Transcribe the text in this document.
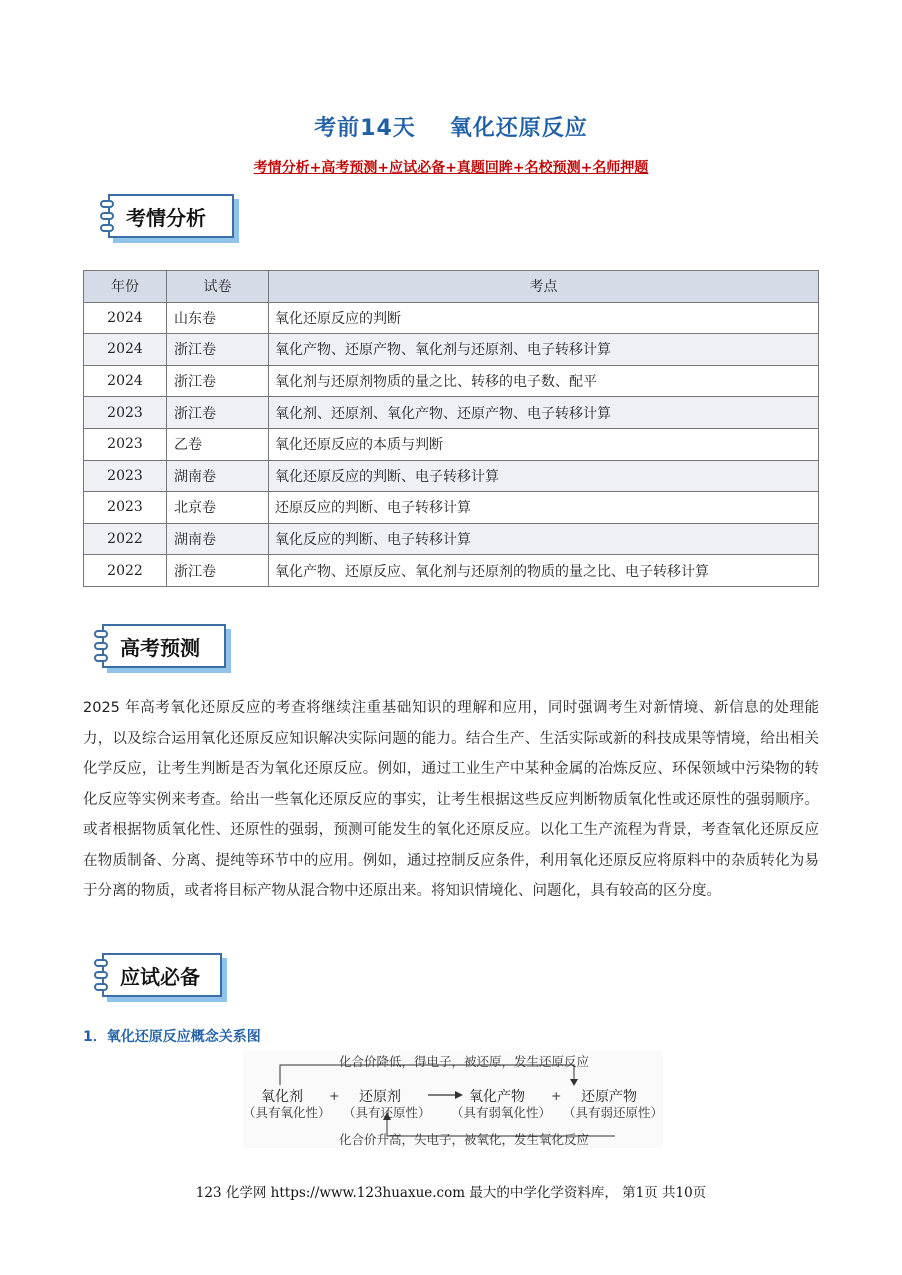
考前14天 氧化还原反应
考情分析+高考预测+应试必备+真题回眸+名校预测+名师押题
考情分析
年份	试卷	考点
2024	山东卷	氧化还原反应的判断
2024	浙江卷	氧化产物、还原产物、氧化剂与还原剂、电子转移计算
2024	浙江卷	氧化剂与还原剂物质的量之比、转移的电子数、配平
2023	浙江卷	氧化剂、还原剂、氧化产物、还原产物、电子转移计算
2023	乙卷	氧化还原反应的本质与判断
2023	湖南卷	氧化还原反应的判断、电子转移计算
2023	北京卷	还原反应的判断、电子转移计算
2022	湖南卷	氧化反应的判断、电子转移计算
2022	浙江卷	氧化产物、还原反应、氧化剂与还原剂的物质的量之比、电子转移计算
高考预测
2025 年高考氧化还原反应的考查将继续注重基础知识的理解和应用，同时强调考生对新情境、新信息的处理能力，以及综合运用氧化还原反应知识解决实际问题的能力。结合生产、生活实际或新的科技成果等情境，给出相关化学反应，让考生判断是否为氧化还原反应。例如，通过工业生产中某种金属的冶炼反应、环保领域中污染物的转化反应等实例来考查。给出一些氧化还原反应的事实，让考生根据这些反应判断物质氧化性或还原性的强弱顺序。或者根据物质氧化性、还原性的强弱，预测可能发生的氧化还原反应。以化工生产流程为背景，考查氧化还原反应在物质制备、分离、提纯等环节中的应用。例如，通过控制反应条件，利用氧化还原反应将原料中的杂质转化为易于分离的物质，或者将目标产物从混合物中还原出来。将知识情境化、问题化，具有较高的区分度。
应试必备
1．氧化还原反应概念关系图
化合价降低，得电子，被还原，发生还原反应
氧化剂
（具有氧化性）
+ 还原剂
（具有还原性）
氧化产物
（具有弱氧化性）
+ 还原产物
（具有弱还原性）
化合价升高，失电子，被氧化，发生氧化反应
123 化学网 https://www.123huaxue.com 最大的中学化学资料库， 第1页 共10页
